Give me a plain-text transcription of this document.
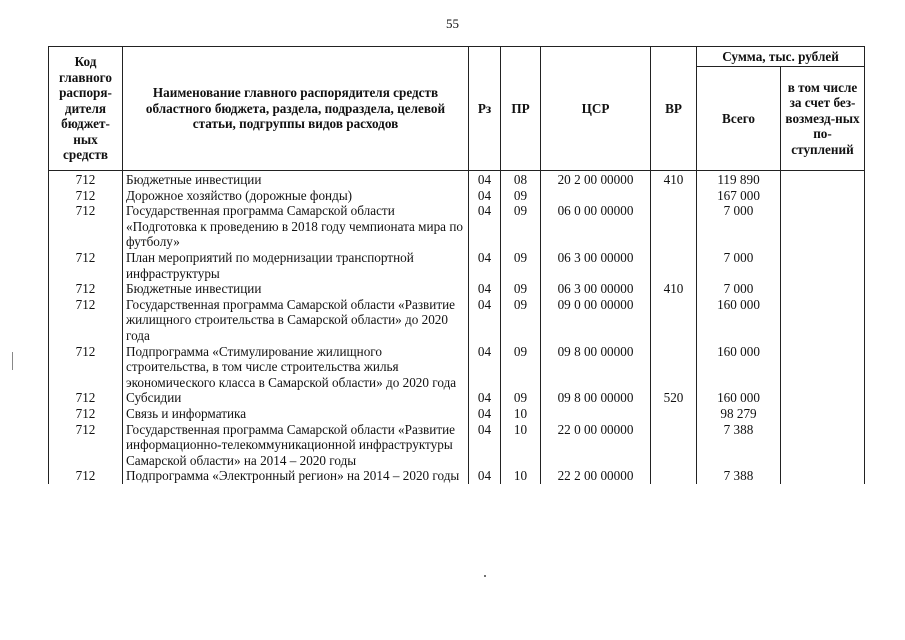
55
Код главного распоря-дителя бюджет-ных средств	Наименование главного распорядителя средств областного бюджета, раздела, подраздела, целевой статьи, подгруппы видов расходов	Рз	ПР	ЦСР	ВР	Сумма, тыс. рублей	
						Всего	в том числе за счет без-возмезд-ных по-ступлений
712	Бюджетные инвестиции	04	08	20 2 00 00000	410	119 890	
712	Дорожное хозяйство (дорожные фонды)	04	09			167 000	
712	Государственная программа Самарской области «Подготовка к проведению в 2018 году чемпионата мира по футболу»	04	09	06 0 00 00000		7 000	
712	План мероприятий по модернизации транспортной инфраструктуры	04	09	06 3 00 00000		7 000	
712	Бюджетные инвестиции	04	09	06 3 00 00000	410	7 000	
712	Государственная программа Самарской области «Развитие жилищного строительства в Самарской области» до 2020 года	04	09	09 0 00 00000		160 000	
712	Подпрограмма «Стимулирование жилищного строительства, в том числе строительства жилья экономического класса в Самарской области» до 2020 года	04	09	09 8 00 00000		160 000	
712	Субсидии	04	09	09 8 00 00000	520	160 000	
712	Связь и информатика	04	10			98 279	
712	Государственная программа Самарской области «Развитие информационно-телекоммуникационной инфраструктуры Самарской области» на 2014 – 2020 годы	04	10	22 0 00 00000		7 388	
712	Подпрограмма «Электронный регион» на 2014 – 2020 годы	04	10	22 2 00 00000		7 388	
